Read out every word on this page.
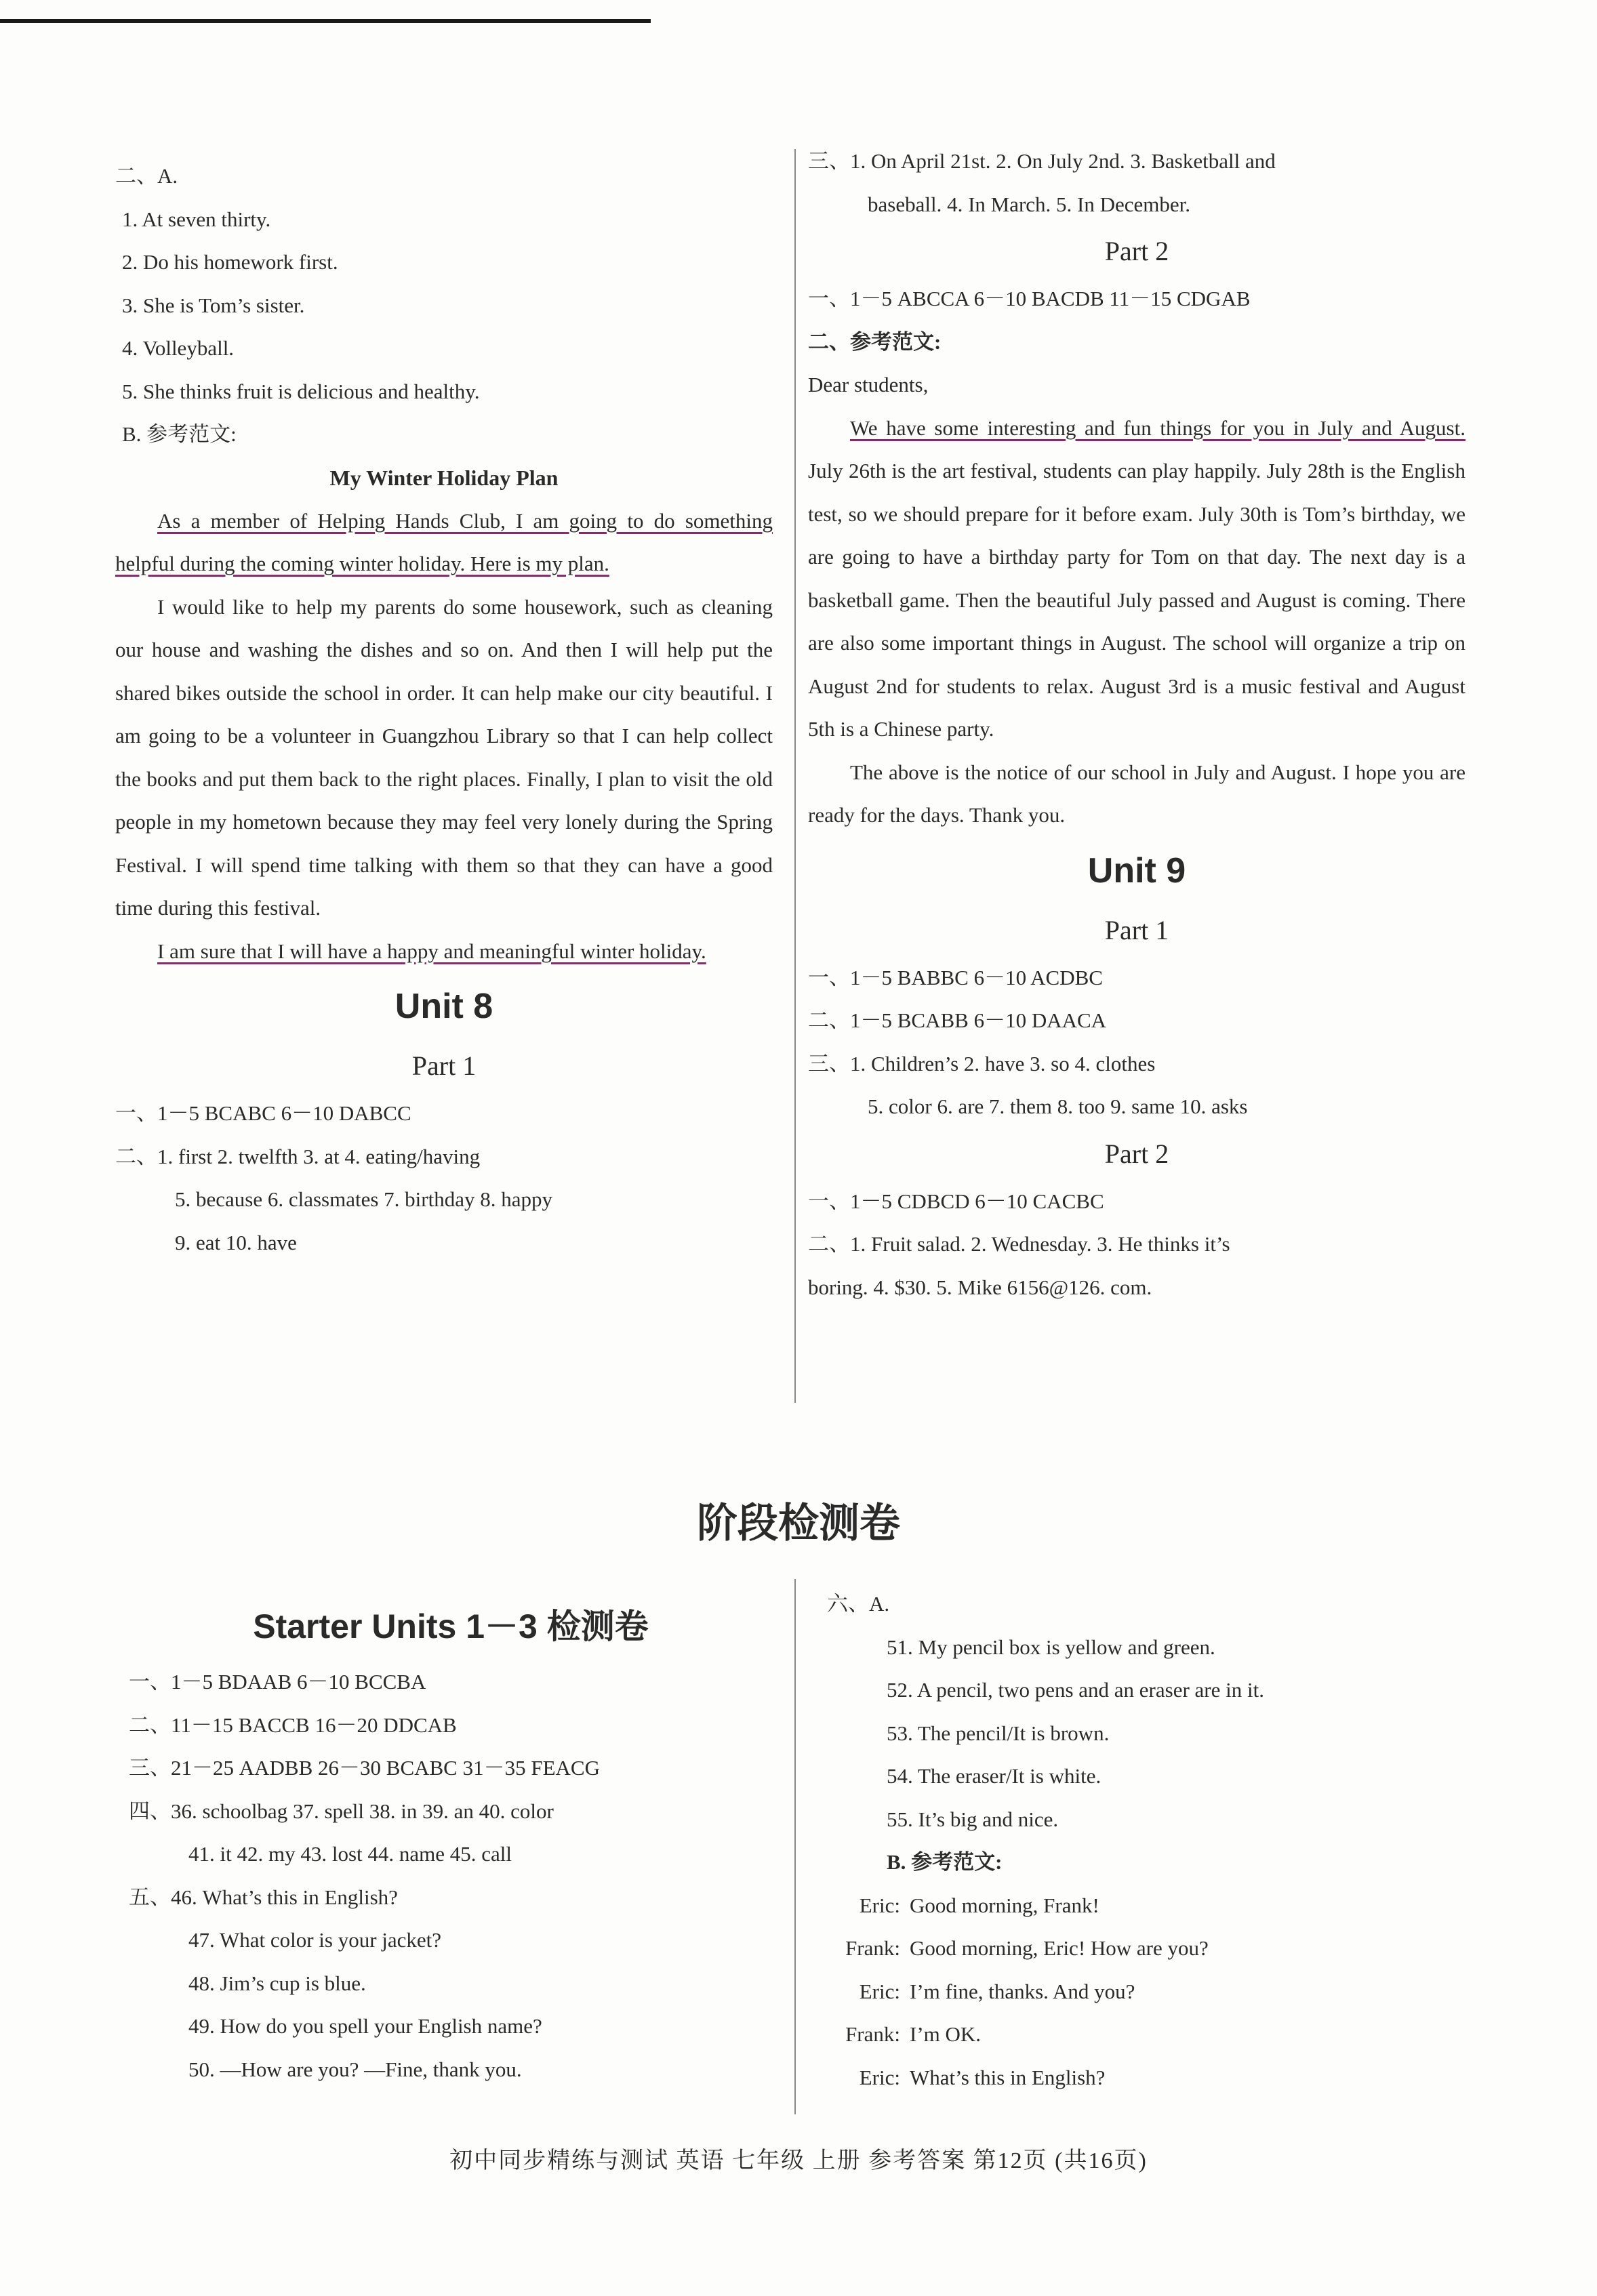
二、A.
1. At seven thirty.
2. Do his homework first.
3. She is Tom’s sister.
4. Volleyball.
5. She thinks fruit is delicious and healthy.
B. 参考范文:
My Winter Holiday Plan
As a member of Helping Hands Club, I am going to do something helpful during the coming winter holiday. Here is my plan.
I would like to help my parents do some housework, such as cleaning our house and washing the dishes and so on. And then I will help put the shared bikes outside the school in order. It can help make our city beautiful. I am going to be a volunteer in Guangzhou Library so that I can help collect the books and put them back to the right places. Finally, I plan to visit the old people in my hometown because they may feel very lonely during the Spring Festival. I will spend time talking with them so that they can have a good time during this festival.
I am sure that I will have a happy and meaningful winter holiday.
Unit 8
Part 1
一、1－5 BCABC 6－10 DABCC
二、1. first 2. twelfth 3. at 4. eating/having
5. because 6. classmates 7. birthday 8. happy
9. eat 10. have
三、1. On April 21st. 2. On July 2nd. 3. Basketball and
baseball. 4. In March. 5. In December.
Part 2
一、1－5 ABCCA 6－10 BACDB 11－15 CDGAB
二、参考范文:
Dear students,
We have some interesting and fun things for you in July and August. July 26th is the art festival, students can play happily. July 28th is the English test, so we should prepare for it before exam. July 30th is Tom’s birthday, we are going to have a birthday party for Tom on that day. The next day is a basketball game. Then the beautiful July passed and August is coming. There are also some important things in August. The school will organize a trip on August 2nd for students to relax. August 3rd is a music festival and August 5th is a Chinese party.
The above is the notice of our school in July and August. I hope you are ready for the days. Thank you.
Unit 9
Part 1
一、1－5 BABBC 6－10 ACDBC
二、1－5 BCABB 6－10 DAACA
三、1. Children’s 2. have 3. so 4. clothes
5. color 6. are 7. them 8. too 9. same 10. asks
Part 2
一、1－5 CDBCD 6－10 CACBC
二、1. Fruit salad. 2. Wednesday. 3. He thinks it’s
boring. 4. $30. 5. Mike 6156@126. com.
阶段检测卷
Starter Units 1－3 检测卷
一、1－5 BDAAB 6－10 BCCBA
二、11－15 BACCB 16－20 DDCAB
三、21－25 AADBB 26－30 BCABC 31－35 FEACG
四、36. schoolbag 37. spell 38. in 39. an 40. color
41. it 42. my 43. lost 44. name 45. call
五、46. What’s this in English?
47. What color is your jacket?
48. Jim’s cup is blue.
49. How do you spell your English name?
50. —How are you? —Fine, thank you.
六、A.
51. My pencil box is yellow and green.
52. A pencil, two pens and an eraser are in it.
53. The pencil/It is brown.
54. The eraser/It is white.
55. It’s big and nice.
B. 参考范文:
Eric: Good morning, Frank!
Frank: Good morning, Eric! How are you?
Eric: I’m fine, thanks. And you?
Frank: I’m OK.
Eric: What’s this in English?
初中同步精练与测试 英语 七年级 上册 参考答案 第12页 (共16页)
